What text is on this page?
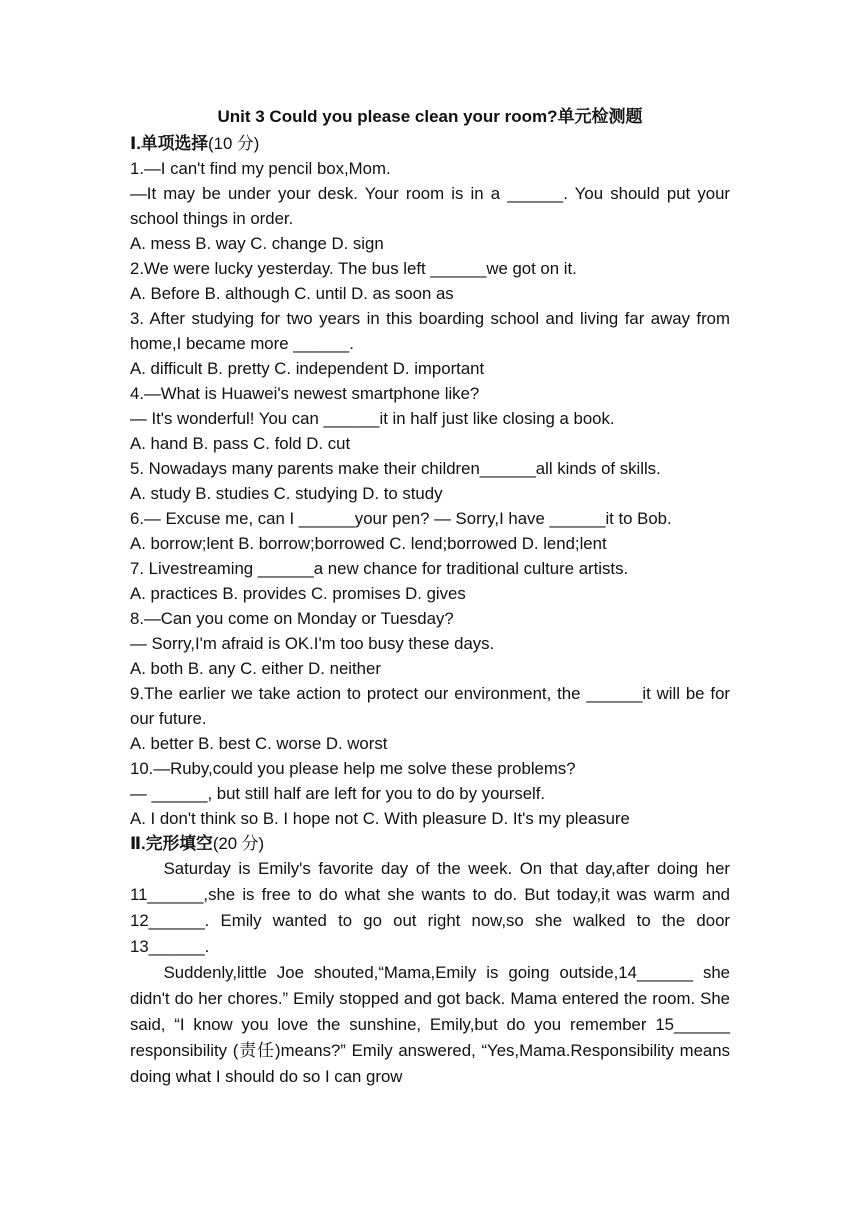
Unit 3 Could you please clean your room?单元检测题

Ⅰ.单项选择(10 分)

1.—I can't find my pencil box,Mom.

—It may be under your desk. Your room is in a ______. You should put your school things in order.

A. mess B. way C. change D. sign

2.We were lucky yesterday. The bus left ______we got on it.

A. Before B. although C. until D. as soon as

3. After studying for two years in this boarding school and living far away from home,I became more ______.

A. difficult B. pretty C. independent D. important

4.—What is Huawei's newest smartphone like?

— It's wonderful! You can ______it in half just like closing a book.

A. hand B. pass C. fold D. cut

5. Nowadays many parents make their children______all kinds of skills.

A. study B. studies C. studying D. to study

6.— Excuse me, can I ______your pen? — Sorry,I have ______it to Bob.

A. borrow;lent B. borrow;borrowed C. lend;borrowed D. lend;lent

7. Livestreaming ______a new chance for traditional culture artists.

A. practices B. provides C. promises D. gives

8.—Can you come on Monday or Tuesday?

— Sorry,I'm afraid is OK.I'm too busy these days.

A. both B. any C. either D. neither

9.The earlier we take action to protect our environment, the ______it will be for our future.

A. better B. best C. worse D. worst

10.—Ruby,could you please help me solve these problems?

— ______, but still half are left for you to do by yourself.

A. I don't think so B. I hope not C. With pleasure D. It's my pleasure

Ⅱ.完形填空(20 分)

Saturday is Emily's favorite day of the week. On that day,after doing her 11______,she is free to do what she wants to do. But today,it was warm and 12______. Emily wanted to go out right now,so she walked to the door 13______.

Suddenly,little Joe shouted,“Mama,Emily is going outside,14______ she didn't do her chores.” Emily stopped and got back. Mama entered the room. She said, “I know you love the sunshine, Emily,but do you remember 15______ responsibility (责任)means?” Emily answered, “Yes,Mama.Responsibility means doing what I should do so I can grow
